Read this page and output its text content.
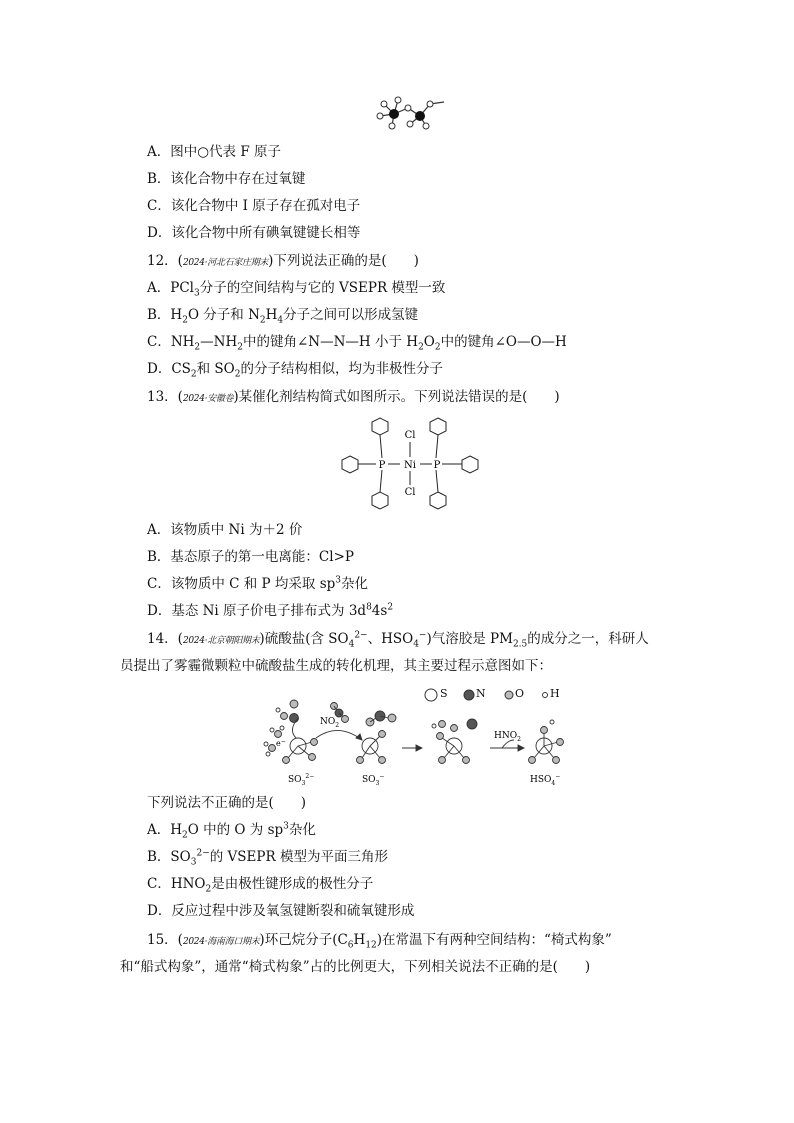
A．图中○代表 F 原子
B．该化合物中存在过氧键
C．该化合物中 I 原子存在孤对电子
D．该化合物中所有碘氧键键长相等
12．(2024·河北石家庄期末)下列说法正确的是(　　)
A．PCl$_3$分子的空间结构与它的 VSEPR 模型一致
B．$H_2O$ 分子和 $N_2H_4$分子之间可以形成氢键
C．$NH_2—NH_2$中的键角∠N—N—H 小于 $H_2O_2$中的键角∠O—O—H
D．$CS_2$和 $SO_2$的分子结构相似，均为非极性分子
13．(2024·安徽卷)某催化剂结构简式如图所示。下列说法错误的是(　　)
Cl
Cl
P Ni P
A．该物质中 Ni 为＋2 价
B．基态原子的第一电离能：Cl>P
C．该物质中 C 和 P 均采取 $sp^3$杂化
D．基态 Ni 原子价电子排布式为 $3d^84s^2$
14．(2024·北京朝阳期末)硫酸盐(含 $SO_4^{2-}$、$HSO_4^-$)气溶胶是 $PM_{2.5}$的成分之一，科研人
员提出了雾霾微颗粒中硫酸盐生成的转化机理，其主要过程示意图如下：
S	N	O H
e−
$NO_2$
$HNO_2$
$SO_3^{2-}$	$SO_3^-$	$HSO_4^-$
下列说法不正确的是(　　)
A．$H_2O$ 中的 O 为 $sp^3$杂化
B．$SO_3^{2-}$的 VSEPR 模型为平面三角形
C．$HNO_2$是由极性键形成的极性分子
D．反应过程中涉及氧氢键断裂和硫氧键形成
15．(2024·海南海口期末)环己烷分子$(C_6H_{12})$在常温下有两种空间结构：“椅式构象”
和“船式构象”，通常“椅式构象”占的比例更大，下列相关说法不正确的是(　　)
